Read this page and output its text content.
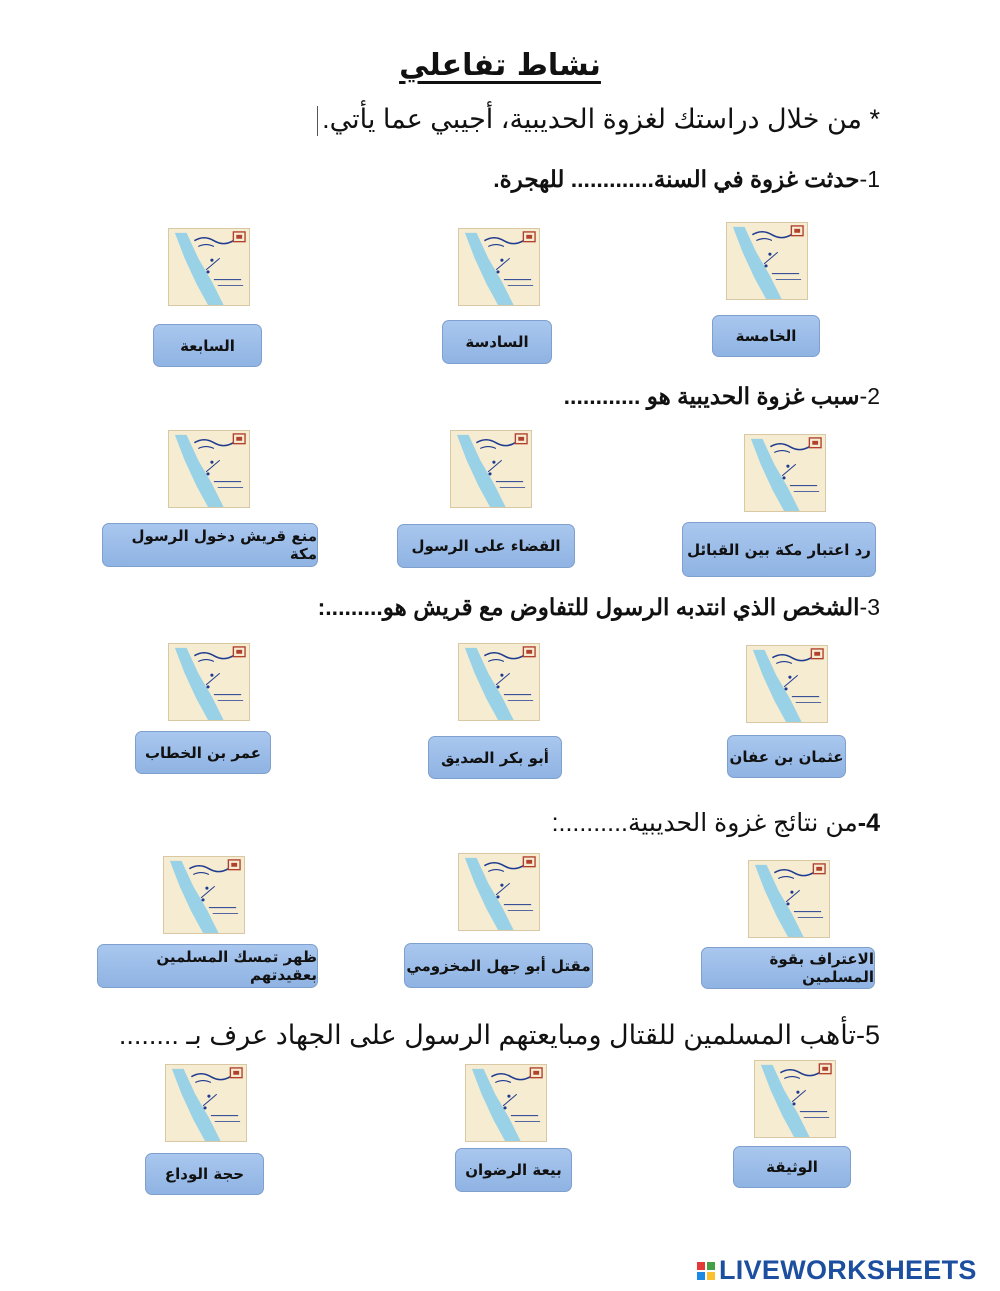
نشاط تفاعلي
* من خلال دراستك لغزوة الحديبية، أجيبي عما يأتي.
1-حدثت غزوة في السنة............. للهجرة.
2-سبب غزوة الحديبية هو ............
3-الشخص الذي انتدبه الرسول للتفاوض مع قريش هو.........:
4-من نتائج غزوة الحديبية..........:
5-تأهب المسلمين للقتال ومبايعتهم الرسول على الجهاد عرف بـ ........
الخامسة
السادسة
السابعة
رد اعتبار مكة بين القبائل
القضاء على الرسول
منع قريش دخول الرسول مكة
عثمان بن عفان
أبو بكر الصديق
عمر بن الخطاب
الاعتراف بقوة المسلمين
مقتل أبو جهل المخزومي
ظهر تمسك المسلمين بعقيدتهم
الوثيقة
بيعة الرضوان
حجة الوداع
LIVEWORKSHEETS
